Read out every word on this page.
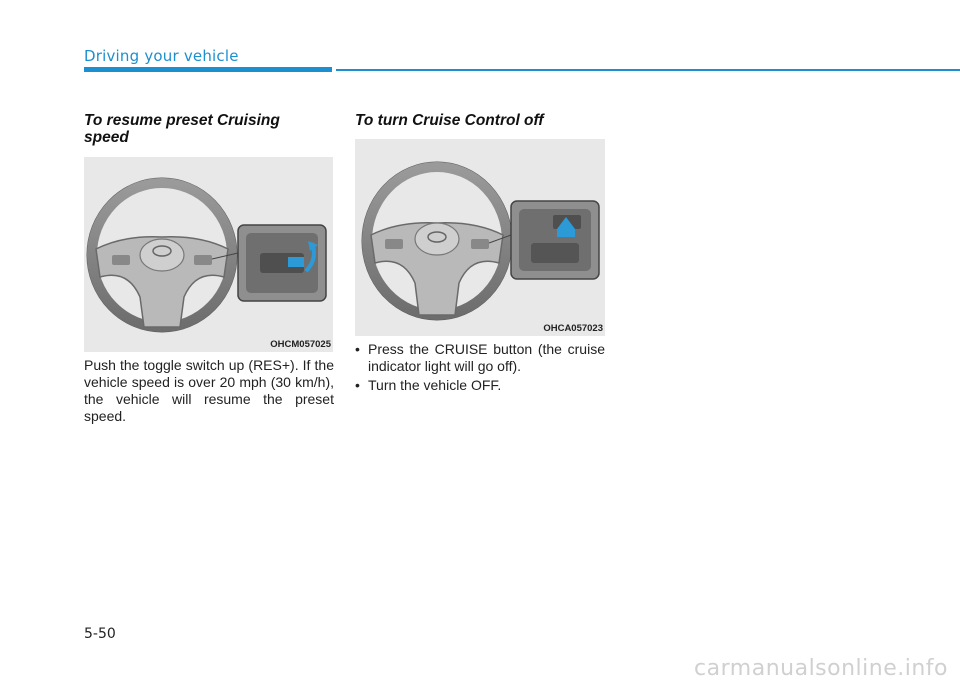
Driving your vehicle
To resume preset Cruising speed
To turn Cruise Control off
OHCM057025
OHCA057023
Push the toggle switch up (RES+). If the vehicle speed is over 20 mph (30 km/h), the vehicle will resume the preset speed.
• Press the CRUISE button (the cruise indicator light will go off).
• Turn the vehicle OFF.
5-50
carmanualsonline.info
